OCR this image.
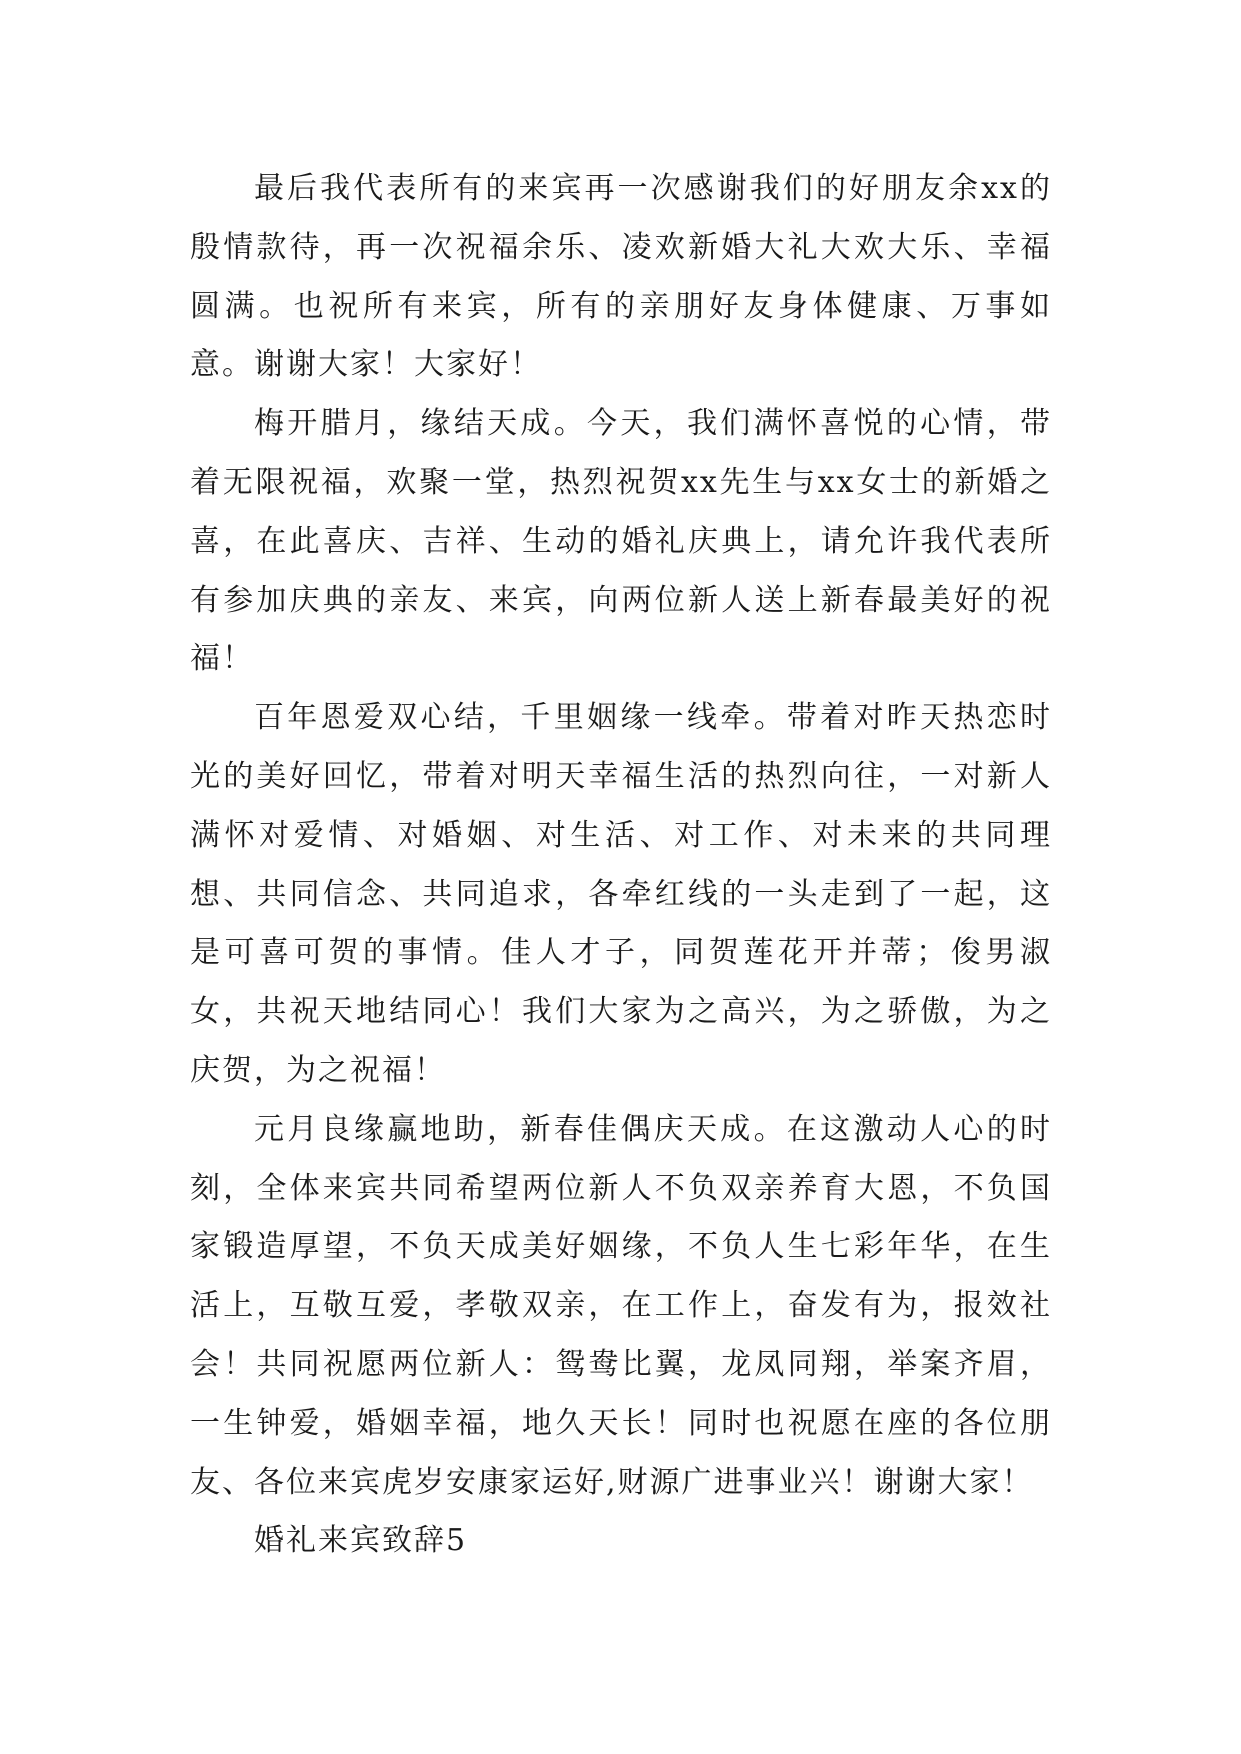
最后我代表所有的来宾再一次感谢我们的好朋友余xx的殷情款待，再一次祝福余乐、凌欢新婚大礼大欢大乐、幸福圆满。也祝所有来宾，所有的亲朋好友身体健康、万事如意。谢谢大家！大家好！

梅开腊月，缘结天成。今天，我们满怀喜悦的心情，带着无限祝福，欢聚一堂，热烈祝贺xx先生与xx女士的新婚之喜，在此喜庆、吉祥、生动的婚礼庆典上，请允许我代表所有参加庆典的亲友、来宾，向两位新人送上新春最美好的祝福！

百年恩爱双心结，千里姻缘一线牵。带着对昨天热恋时光的美好回忆，带着对明天幸福生活的热烈向往，一对新人满怀对爱情、对婚姻、对生活、对工作、对未来的共同理想、共同信念、共同追求，各牵红线的一头走到了一起，这是可喜可贺的事情。佳人才子，同贺莲花开并蒂；俊男淑女，共祝天地结同心！我们大家为之高兴，为之骄傲，为之庆贺，为之祝福！

元月良缘赢地助，新春佳偶庆天成。在这激动人心的时刻，全体来宾共同希望两位新人不负双亲养育大恩，不负国家锻造厚望，不负天成美好姻缘，不负人生七彩年华，在生活上，互敬互爱，孝敬双亲，在工作上，奋发有为，报效社会！共同祝愿两位新人：鸳鸯比翼，龙凤同翔，举案齐眉，一生钟爱，婚姻幸福，地久天长！同时也祝愿在座的各位朋友、各位来宾虎岁安康家运好,财源广进事业兴！谢谢大家！

婚礼来宾致辞5
